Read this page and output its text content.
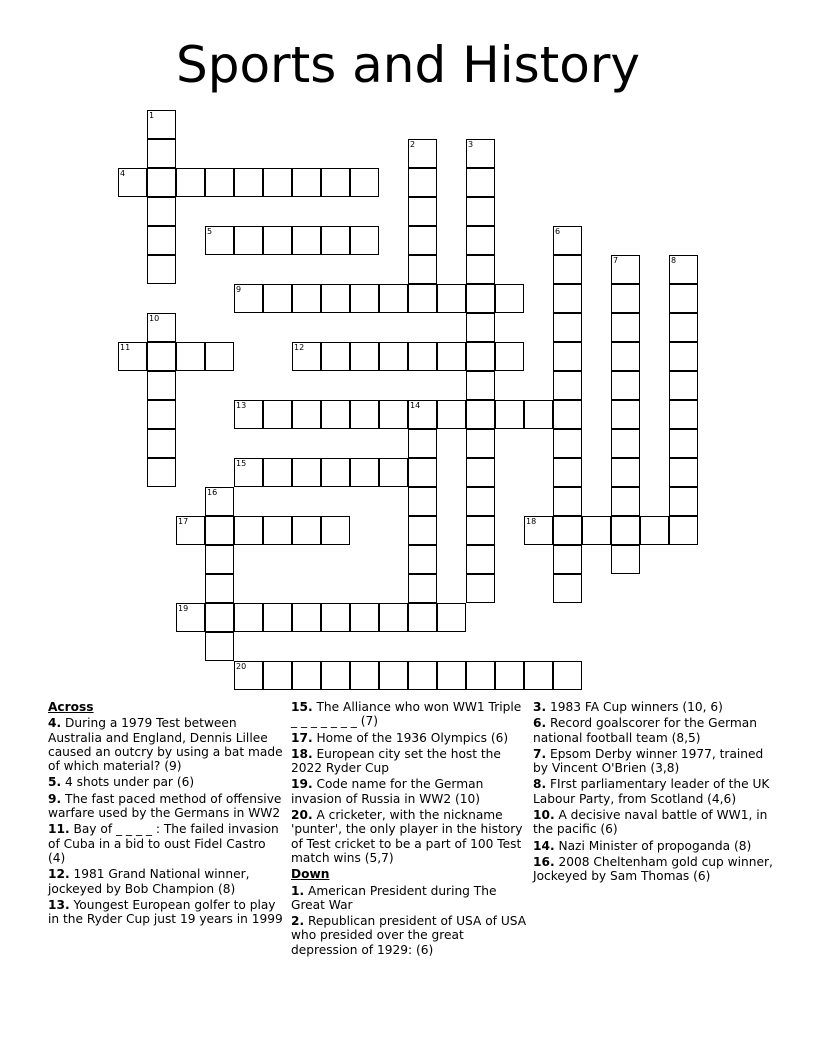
Sports and History
1
2	3
4
5	6
7	8
9
10
11	12
13	14
15
16
17	18
19
20

Across

4. During a 1979 Test between Australia and England, Dennis Lillee caused an outcry by using a bat made of which material? (9)

5. 4 shots under par (6)

9. The fast paced method of offensive warfare used by the Germans in WW2

11. Bay of _ _ _ _ : The failed invasion of Cuba in a bid to oust Fidel Castro (4)

12. 1981 Grand National winner, jockeyed by Bob Champion (8)

13. Youngest European golfer to play in the Ryder Cup just 19 years in 1999

15. The Alliance who won WW1 Triple _ _ _ _ _ _ _ (7)

17. Home of the 1936 Olympics (6)

18. European city set the host the 2022 Ryder Cup

19. Code name for the German invasion of Russia in WW2 (10)

20. A cricketer, with the nickname 'punter', the only player in the history of Test cricket to be a part of 100 Test match wins (5,7)

Down

1. American President during The Great War

2. Republican president of USA of USA who presided over the great depression of 1929: (6)

3. 1983 FA Cup winners (10, 6)

6. Record goalscorer for the German national football team (8,5)

7. Epsom Derby winner 1977, trained by Vincent O'Brien (3,8)

8. FIrst parliamentary leader of the UK Labour Party, from Scotland (4,6)

10. A decisive naval battle of WW1, in the pacific (6)

14. Nazi Minister of propoganda (8)

16. 2008 Cheltenham gold cup winner, Jockeyed by Sam Thomas (6)
